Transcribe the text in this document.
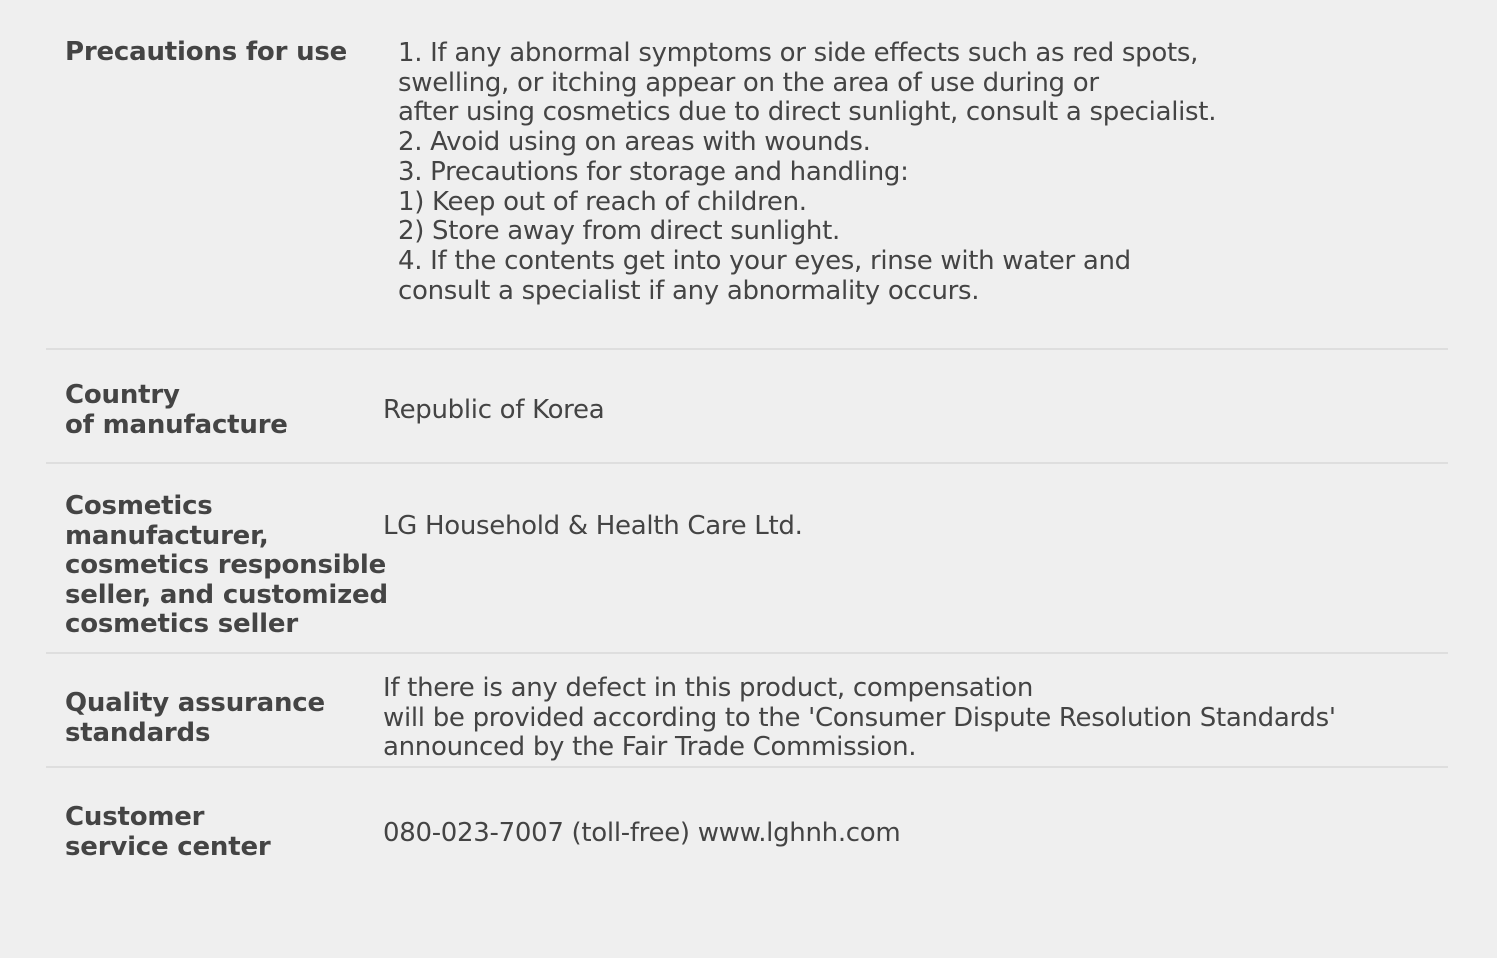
Precautions for use 1. If any abnormal symptoms or side effects such as red spots,
swelling, or itching appear on the area of use during or
after using cosmetics due to direct sunlight, consult a specialist.
2. Avoid using on areas with wounds.
3. Precautions for storage and handling:
1) Keep out of reach of children.
2) Store away from direct sunlight.
4. If the contents get into your eyes, rinse with water and
consult a specialist if any abnormality occurs.
Country
of manufacture	Republic of Korea
Cosmetics
manufacturer,
cosmetics responsible
seller, and customized
cosmetics seller
LG Household & Health Care Ltd.
Quality assurance
standards
If there is any defect in this product, compensation
will be provided according to the 'Consumer Dispute Resolution Standards'
announced by the Fair Trade Commission.
Customer
service center	080-023-7007 (toll-free) www.lghnh.com
